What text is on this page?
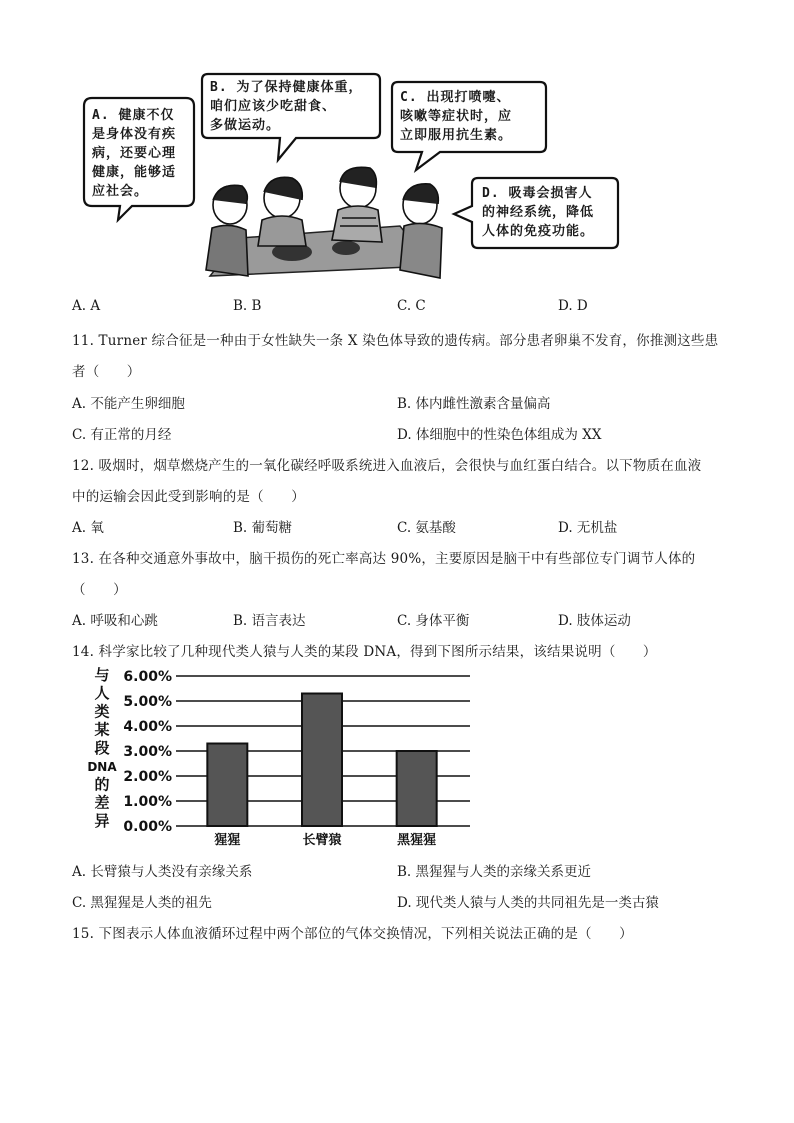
A. 健康不仅
是身体没有疾
病，还要心理
健康，能够适
应社会。
B. 为了保持健康体重，
咱们应该少吃甜食、
多做运动。
C. 出现打喷嚏、
咳嗽等症状时，应
立即服用抗生素。
D. 吸毒会损害人
的神经系统，降低
人体的免疫功能。
A. A	B. B	C. C	D. D
11. Turner 综合征是一种由于女性缺失一条 X 染色体导致的遗传病。部分患者卵巢不发育，你推测这些患
者（　　）
A. 不能产生卵细胞	B. 体内雌性激素含量偏高
C. 有正常的月经	D. 体细胞中的性染色体组成为 XX
12. 吸烟时，烟草燃烧产生的一氧化碳经呼吸系统进入血液后，会很快与血红蛋白结合。以下物质在血液
中的运输会因此受到影响的是（　　）
A. 氧	B. 葡萄糖	C. 氨基酸	D. 无机盐
13. 在各种交通意外事故中，脑干损伤的死亡率高达 90%，主要原因是脑干中有些部位专门调节人体的
（　　）
A. 呼吸和心跳	B. 语言表达	C. 身体平衡	D. 肢体运动
14. 科学家比较了几种现代类人猿与人类的某段 DNA，得到下图所示结果，该结果说明（　　）
与
人
类
某
段
DNA
的
差
异 0.00%
1.00%
2.00%
3.00%
4.00%
5.00%
6.00%
猩猩	长臂猿	黑猩猩
A. 长臂猿与人类没有亲缘关系	B. 黑猩猩与人类的亲缘关系更近
C. 黑猩猩是人类的祖先	D. 现代类人猿与人类的共同祖先是一类古猿
15. 下图表示人体血液循环过程中两个部位的气体交换情况，下列相关说法正确的是（　　）
